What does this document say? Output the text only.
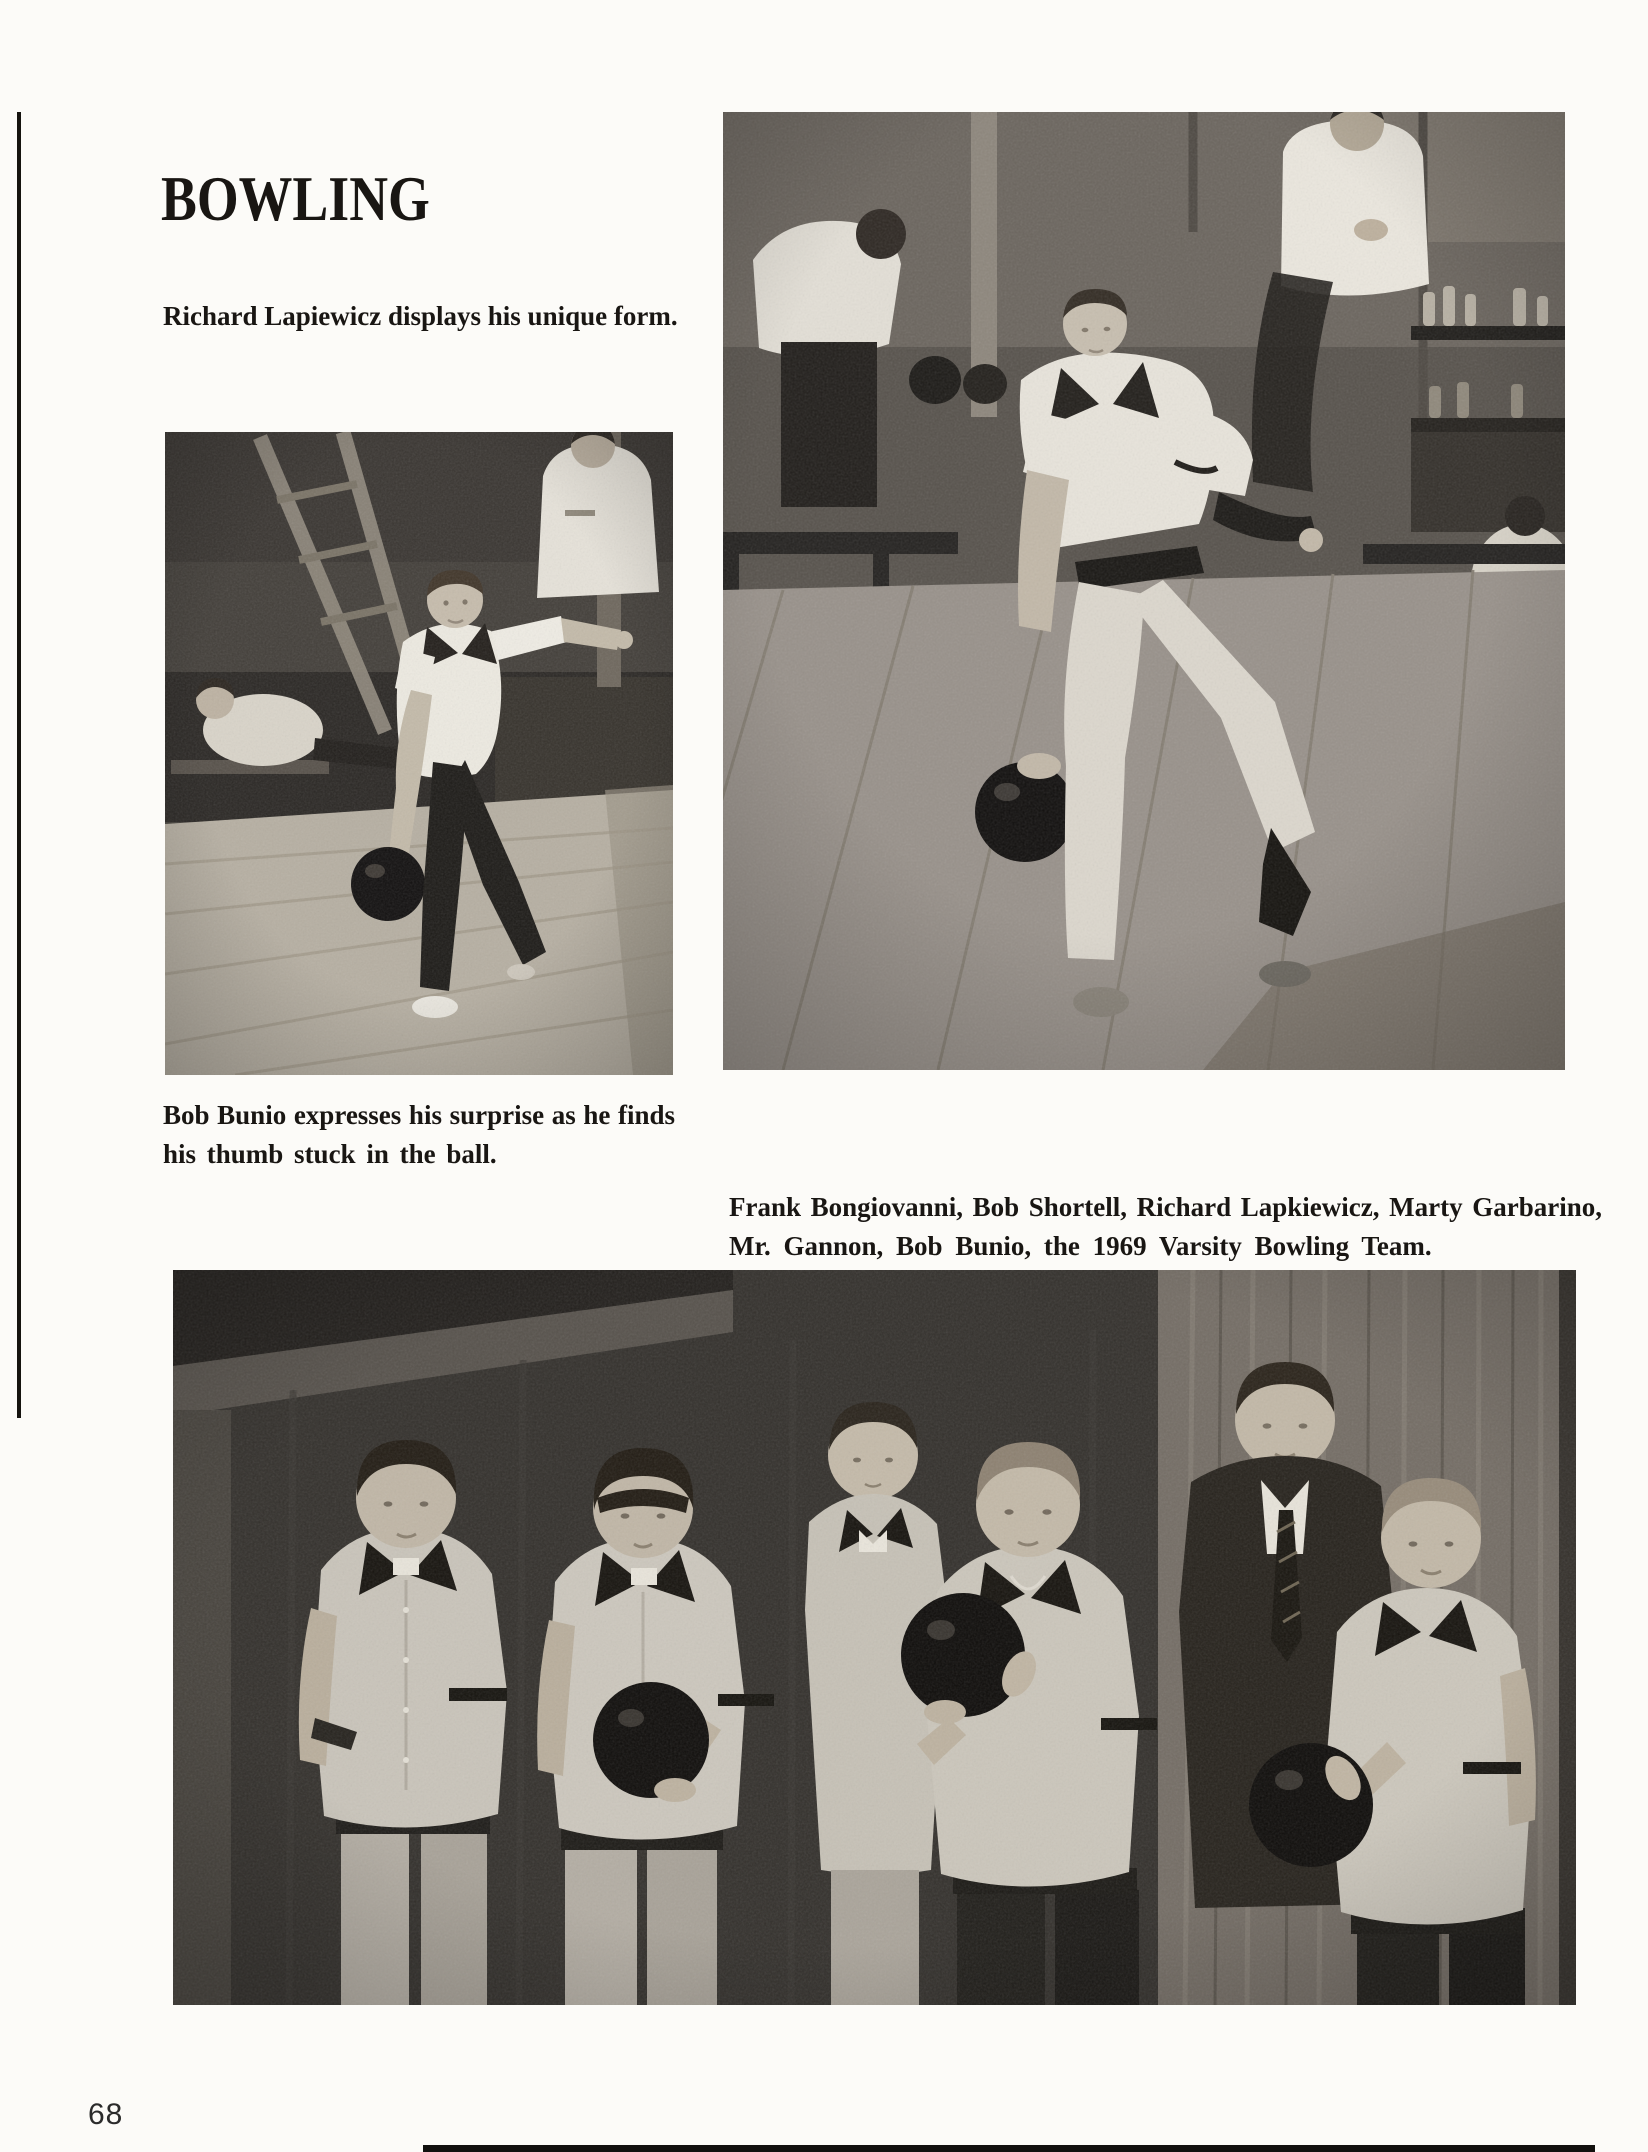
BOWLING
Richard Lapiewicz displays his unique form.
Bob Bunio expresses his surprise as he finds
his thumb stuck in the ball.
Frank Bongiovanni, Bob Shortell, Richard Lapkiewicz, Marty Garbarino,
Mr. Gannon, Bob Bunio, the 1969 Varsity Bowling Team.
68
